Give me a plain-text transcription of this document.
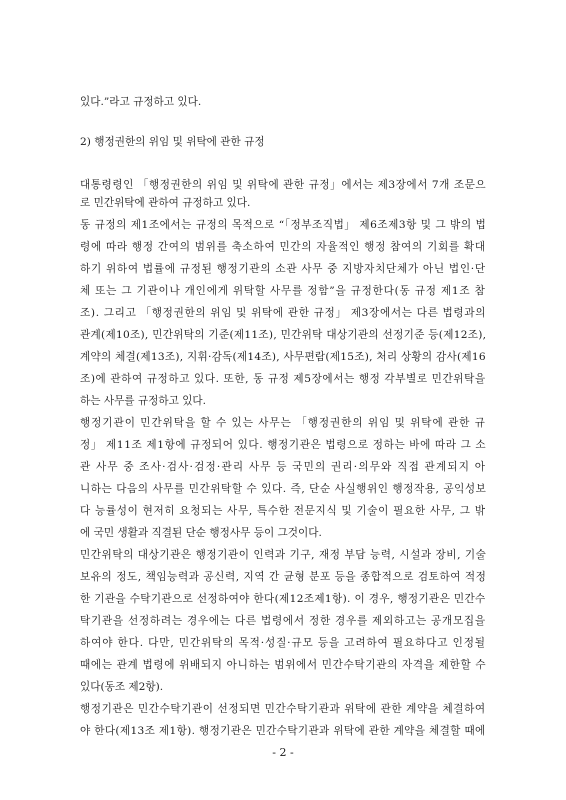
있다.”라고 규정하고 있다.
2) 행정권한의 위임 및 위탁에 관한 규정
대통령령인 「행정권한의 위임 및 위탁에 관한 규정」에서는 제3장에서 7개 조문으
로 민간위탁에 관하여 규정하고 있다.
동 규정의 제1조에서는 규정의 목적으로 “「정부조직법」 제6조제3항 및 그 밖의 법
령에 따라 행정 간여의 범위를 축소하여 민간의 자율적인 행정 참여의 기회를 확대
하기 위하여 법률에 규정된 행정기관의 소관 사무 중 지방자치단체가 아닌 법인·단
체 또는 그 기관이나 개인에게 위탁할 사무를 정함”을 규정한다(동 규정 제1조 참
조). 그리고 「행정권한의 위임 및 위탁에 관한 규정」 제3장에서는 다른 법령과의
관계(제10조), 민간위탁의 기준(제11조), 민간위탁 대상기관의 선정기준 등(제12조),
계약의 체결(제13조), 지휘·감독(제14조), 사무편람(제15조), 처리 상황의 감사(제16
조)에 관하여 규정하고 있다. 또한, 동 규정 제5장에서는 행정 각부별로 민간위탁을
하는 사무를 규정하고 있다.
행정기관이 민간위탁을 할 수 있는 사무는 「행정권한의 위임 및 위탁에 관한 규
정」 제11조 제1항에 규정되어 있다. 행정기관은 법령으로 정하는 바에 따라 그 소
관 사무 중 조사·검사·검정·관리 사무 등 국민의 권리·의무와 직접 관계되지 아
니하는 다음의 사무를 민간위탁할 수 있다. 즉, 단순 사실행위인 행정작용, 공익성보
다 능률성이 현저히 요청되는 사무, 특수한 전문지식 및 기술이 필요한 사무, 그 밖
에 국민 생활과 직결된 단순 행정사무 등이 그것이다.
민간위탁의 대상기관은 행정기관이 인력과 기구, 재정 부담 능력, 시설과 장비, 기술
보유의 정도, 책임능력과 공신력, 지역 간 균형 분포 등을 종합적으로 검토하여 적정
한 기관을 수탁기관으로 선정하여야 한다(제12조제1항). 이 경우, 행정기관은 민간수
탁기관을 선정하려는 경우에는 다른 법령에서 정한 경우를 제외하고는 공개모집을
하여야 한다. 다만, 민간위탁의 목적·성질·규모 등을 고려하여 필요하다고 인정될
때에는 관계 법령에 위배되지 아니하는 범위에서 민간수탁기관의 자격을 제한할 수
있다(동조 제2항).
행정기관은 민간수탁기관이 선정되면 민간수탁기관과 위탁에 관한 계약을 체결하여
야 한다(제13조 제1항). 행정기관은 민간수탁기관과 위탁에 관한 계약을 체결할 때에
- 2 -
